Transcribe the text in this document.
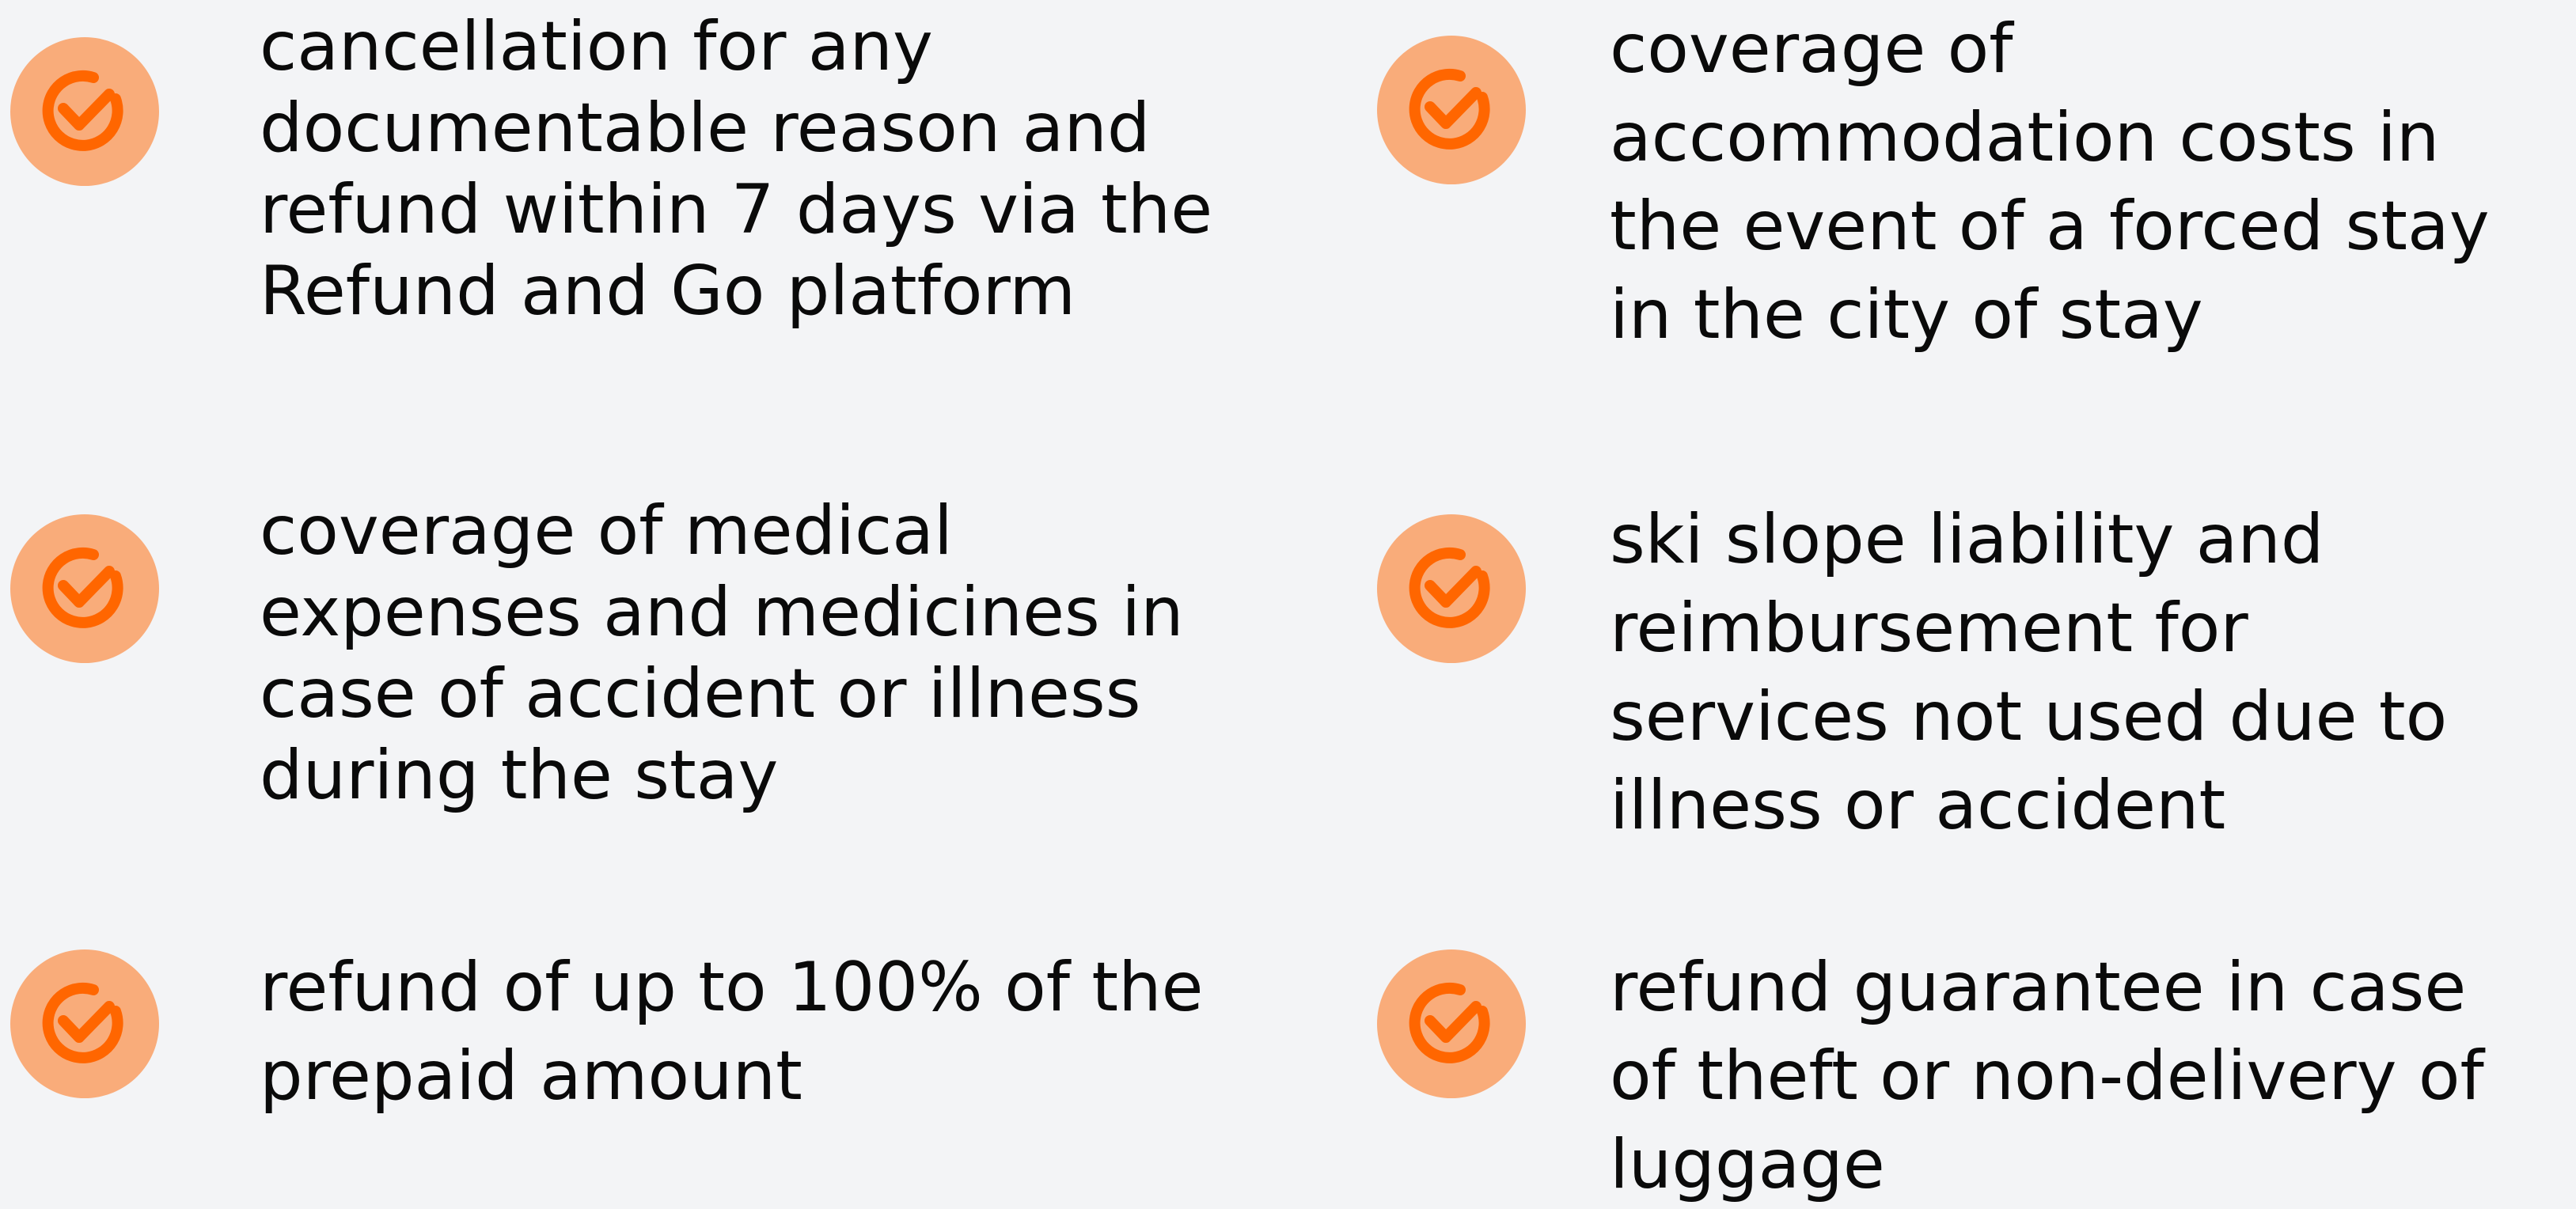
cancellation for any
documentable reason and
refund within 7 days via the
Refund and Go platform

coverage of
accommodation costs in
the event of a forced stay
in the city of stay

coverage of medical
expenses and medicines in
case of accident or illness
during the stay

ski slope liability and
reimbursement for
services not used due to
illness or accident

refund of up to 100% of the
prepaid amount

refund guarantee in case
of theft or non-delivery of
luggage
